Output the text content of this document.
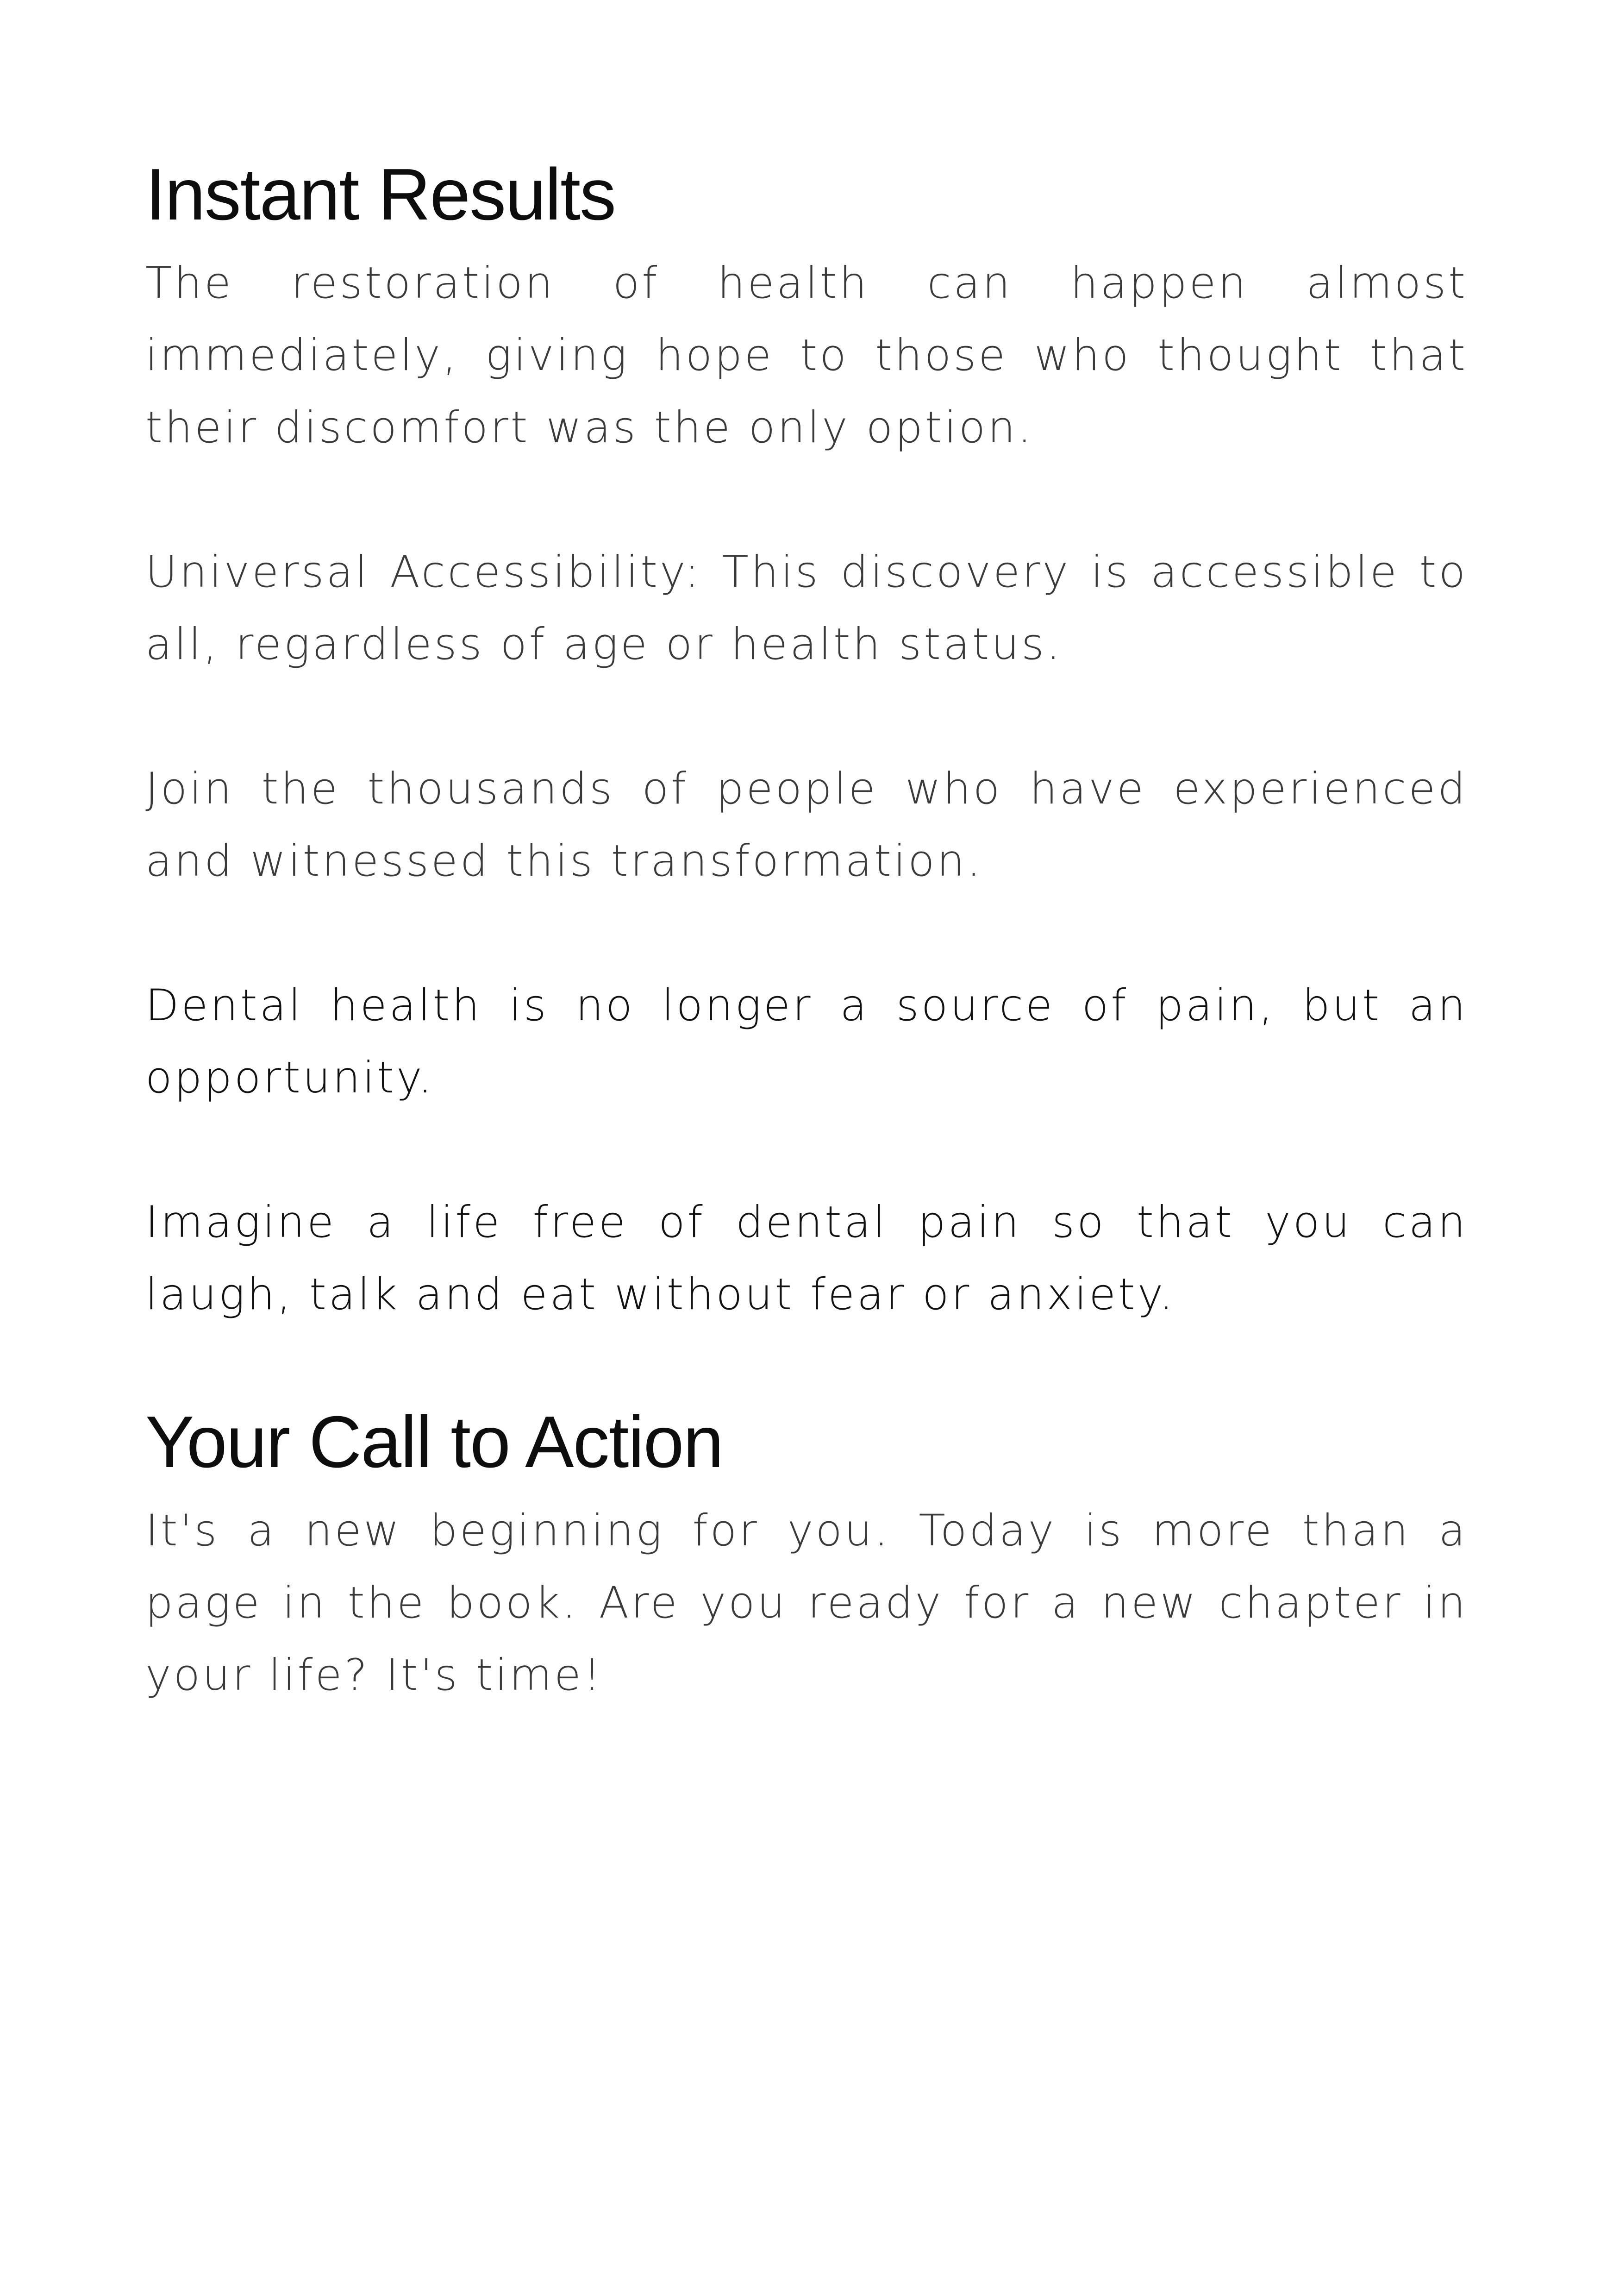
Instant Results

The restoration of health can happen almost immediately, giving hope to those who thought that their discomfort was the only option.

Universal Accessibility: This discovery is accessible to all, regardless of age or health status.

Join the thousands of people who have experienced and witnessed this transformation.

Dental health is no longer a source of pain, but an opportunity.

Imagine a life free of dental pain so that you can laugh, talk and eat without fear or anxiety.

Your Call to Action

It's a new beginning for you. Today is more than a page in the book. Are you ready for a new chapter in your life? It's time!
